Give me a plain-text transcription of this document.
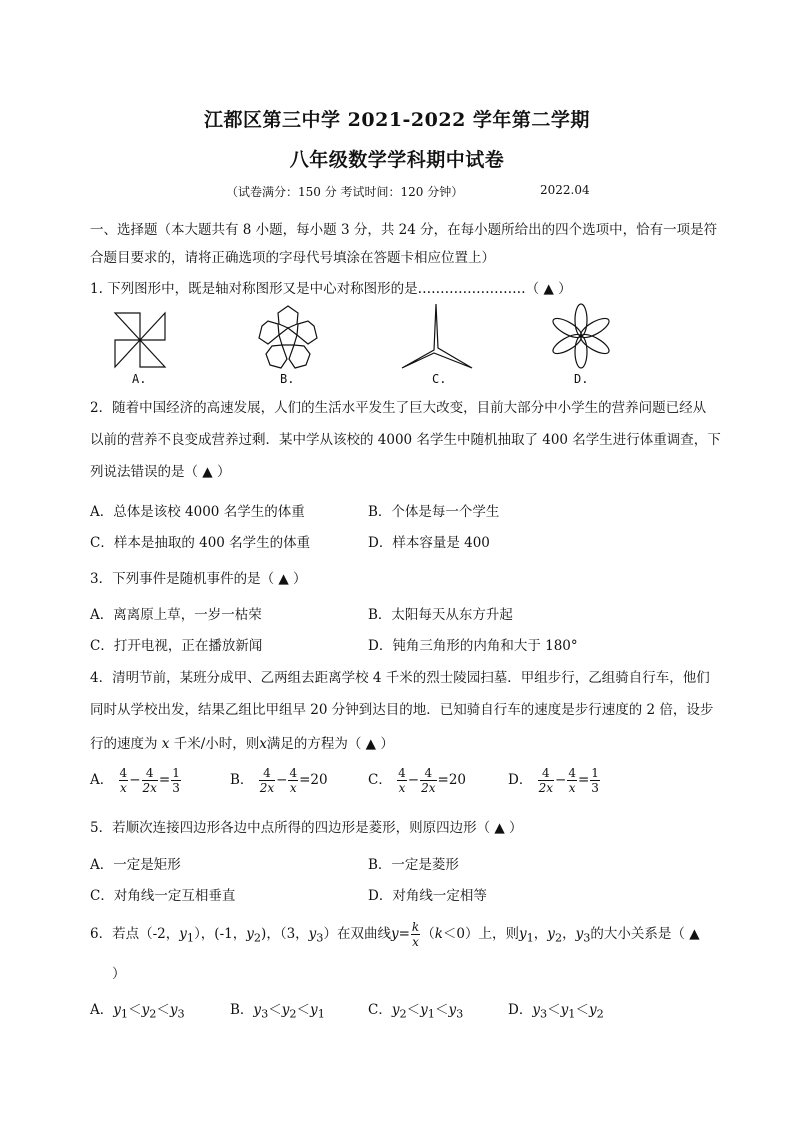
江都区第三中学 2021-2022 学年第二学期
八年级数学学科期中试卷
（试卷满分：150 分 考试时间：120 分钟）	2022.04
一、选择题（本大题共有 8 小题，每小题 3 分，共 24 分，在每小题所给出的四个选项中，恰有一项是符
合题目要求的，请将正确选项的字母代号填涂在答题卡相应位置上）
1. 下列图形中，既是轴对称图形又是中心对称图形的是……………………（ ▲ ）
A.	B.	C.	D.
2．随着中国经济的高速发展，人们的生活水平发生了巨大改变，目前大部分中小学生的营养问题已经从
以前的营养不良变成营养过剩．某中学从该校的 4000 名学生中随机抽取了 400 名学生进行体重调查，下
列说法错误的是（ ▲ ）
A．总体是该校 4000 名学生的体重	B．个体是每一个学生
C．样本是抽取的 400 名学生的体重	D．样本容量是 400
3．下列事件是随机事件的是（ ▲ ）
A．离离原上草，一岁一枯荣	B．太阳每天从东方升起
C．打开电视，正在播放新闻	D．钝角三角形的内角和大于 180°
4．清明节前，某班分成甲、乙两组去距离学校 4 千米的烈士陵园扫墓．甲组步行，乙组骑自行车，他们
同时从学校出发，结果乙组比甲组早 20 分钟到达目的地．已知骑自行车的速度是步行速度的 2 倍，设步
行的速度为 x 千米/小时，则x满足的方程为（ ▲ ）
A． $\frac{4}{x} - \frac{4}{2x} = \frac{1}{3}$	B． $\frac{4}{2x} - \frac{4}{x} =20$	C． $\frac{4}{x} - \frac{4}{2x} =20$	D． $\frac{4}{2x} - \frac{4}{x} = \frac{1}{3}$
5．若顺次连接四边形各边中点所得的四边形是菱形，则原四边形（ ▲ ）
A．一定是矩形	B．一定是菱形
C．对角线一定互相垂直	D．对角线一定相等
6．若点（-2，$y_1$），(-1，$y_2$)，（3，$y_3$）在双曲线$y= \frac{k}{x} (k<0)$上，则$y_1$，$y_2$，$y_3$的大小关系是（ ▲
）
A．$y_1<y_2<y_3$	B．$y_3<y_2<y_1$	C．$y_2<y_1<y_3$	D．$y_3<y_1<y_2$
